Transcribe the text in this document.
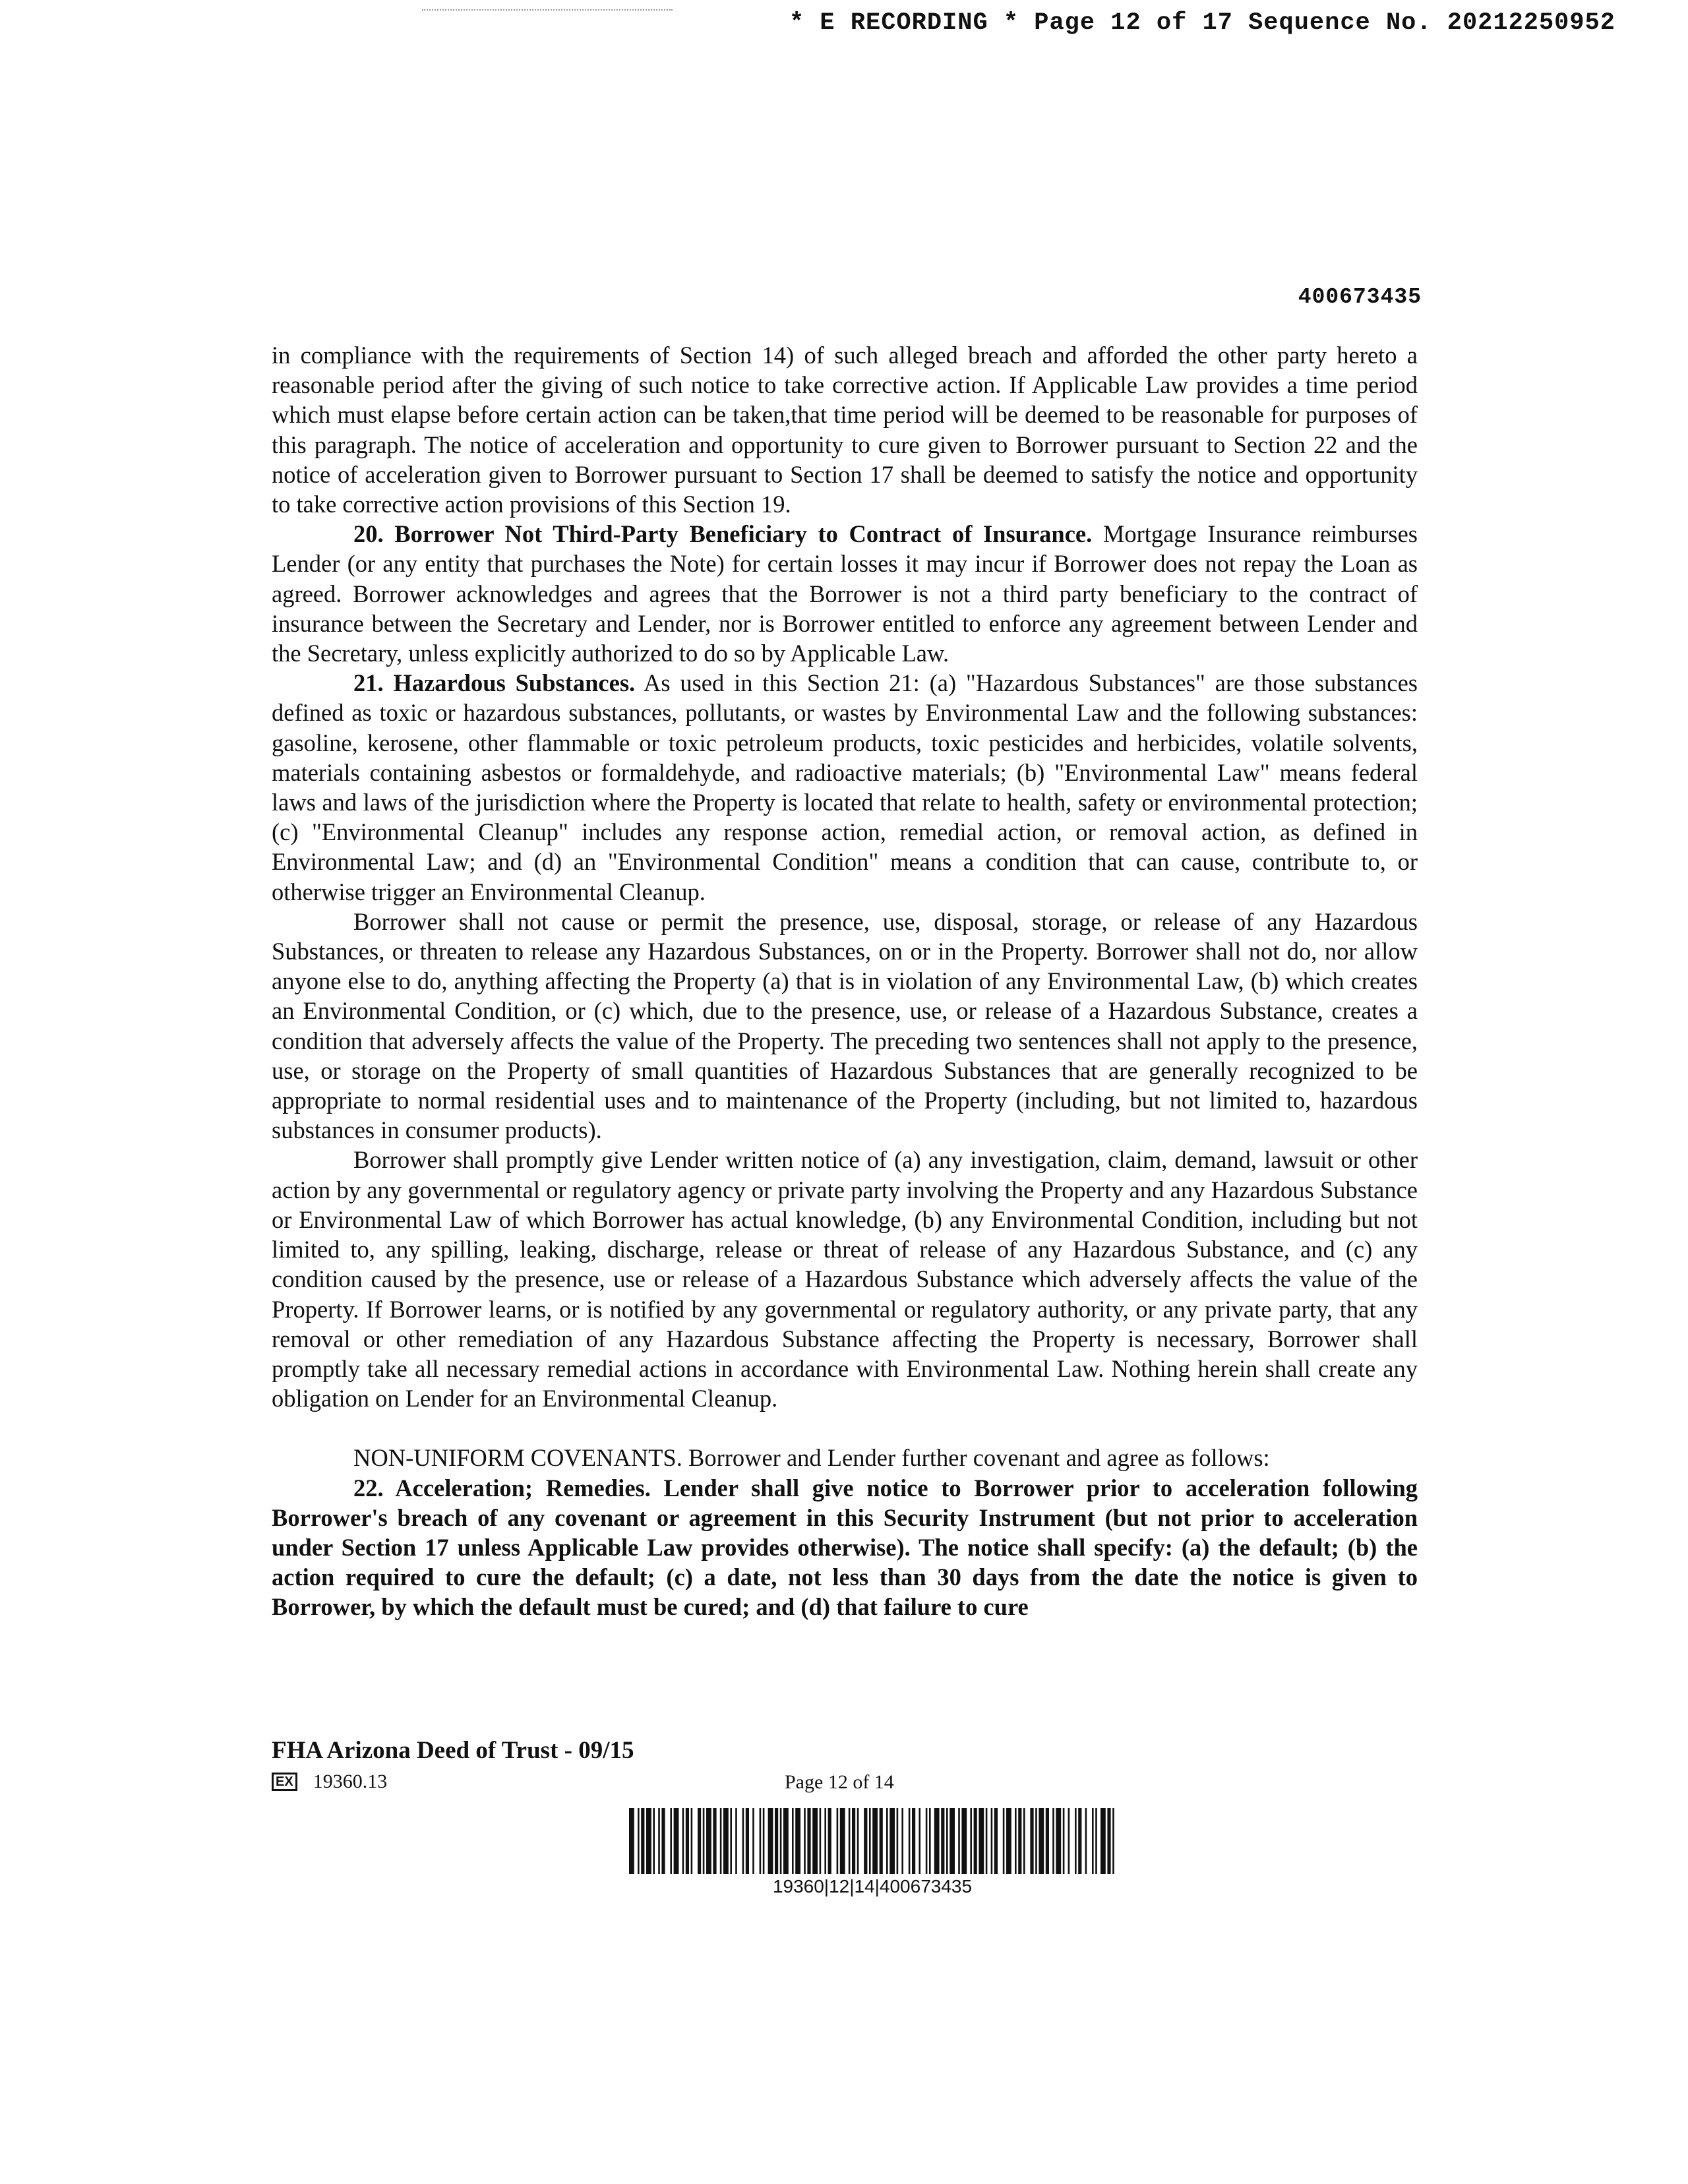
* E RECORDING * Page 12 of 17 Sequence No. 20212250952
400673435

in compliance with the requirements of Section 14) of such alleged breach and afforded the other party hereto a reasonable period after the giving of such notice to take corrective action. If Applicable Law provides a time period which must elapse before certain action can be taken,that time period will be deemed to be reasonable for purposes of this paragraph. The notice of acceleration and opportunity to cure given to Borrower pursuant to Section 22 and the notice of acceleration given to Borrower pursuant to Section 17 shall be deemed to satisfy the notice and opportunity to take corrective action provisions of this Section 19.

20. Borrower Not Third-Party Beneficiary to Contract of Insurance. Mortgage Insurance reimburses Lender (or any entity that purchases the Note) for certain losses it may incur if Borrower does not repay the Loan as agreed. Borrower acknowledges and agrees that the Borrower is not a third party beneficiary to the contract of insurance between the Secretary and Lender, nor is Borrower entitled to enforce any agreement between Lender and the Secretary, unless explicitly authorized to do so by Applicable Law.

21. Hazardous Substances. As used in this Section 21: (a) "Hazardous Substances" are those substances defined as toxic or hazardous substances, pollutants, or wastes by Environmental Law and the following substances: gasoline, kerosene, other flammable or toxic petroleum products, toxic pesticides and herbicides, volatile solvents, materials containing asbestos or formaldehyde, and radioactive materials; (b) "Environmental Law" means federal laws and laws of the jurisdiction where the Property is located that relate to health, safety or environmental protection; (c) "Environmental Cleanup" includes any response action, remedial action, or removal action, as defined in Environmental Law; and (d) an "Environmental Condition" means a condition that can cause, contribute to, or otherwise trigger an Environmental Cleanup.

Borrower shall not cause or permit the presence, use, disposal, storage, or release of any Hazardous Substances, or threaten to release any Hazardous Substances, on or in the Property. Borrower shall not do, nor allow anyone else to do, anything affecting the Property (a) that is in violation of any Environmental Law, (b) which creates an Environmental Condition, or (c) which, due to the presence, use, or release of a Hazardous Substance, creates a condition that adversely affects the value of the Property. The preceding two sentences shall not apply to the presence, use, or storage on the Property of small quantities of Hazardous Substances that are generally recognized to be appropriate to normal residential uses and to maintenance of the Property (including, but not limited to, hazardous substances in consumer products).

Borrower shall promptly give Lender written notice of (a) any investigation, claim, demand, lawsuit or other action by any governmental or regulatory agency or private party involving the Property and any Hazardous Substance or Environmental Law of which Borrower has actual knowledge, (b) any Environmental Condition, including but not limited to, any spilling, leaking, discharge, release or threat of release of any Hazardous Substance, and (c) any condition caused by the presence, use or release of a Hazardous Substance which adversely affects the value of the Property. If Borrower learns, or is notified by any governmental or regulatory authority, or any private party, that any removal or other remediation of any Hazardous Substance affecting the Property is necessary, Borrower shall promptly take all necessary remedial actions in accordance with Environmental Law. Nothing herein shall create any obligation on Lender for an Environmental Cleanup.

NON-UNIFORM COVENANTS. Borrower and Lender further covenant and agree as follows:

22. Acceleration; Remedies. Lender shall give notice to Borrower prior to acceleration following Borrower's breach of any covenant or agreement in this Security Instrument (but not prior to acceleration under Section 17 unless Applicable Law provides otherwise). The notice shall specify: (a) the default; (b) the action required to cure the default; (c) a date, not less than 30 days from the date the notice is given to Borrower, by which the default must be cured; and (d) that failure to cure

FHA Arizona Deed of Trust - 09/15
EX 19360.13	Page 12 of 14
19360|12|14|400673435
